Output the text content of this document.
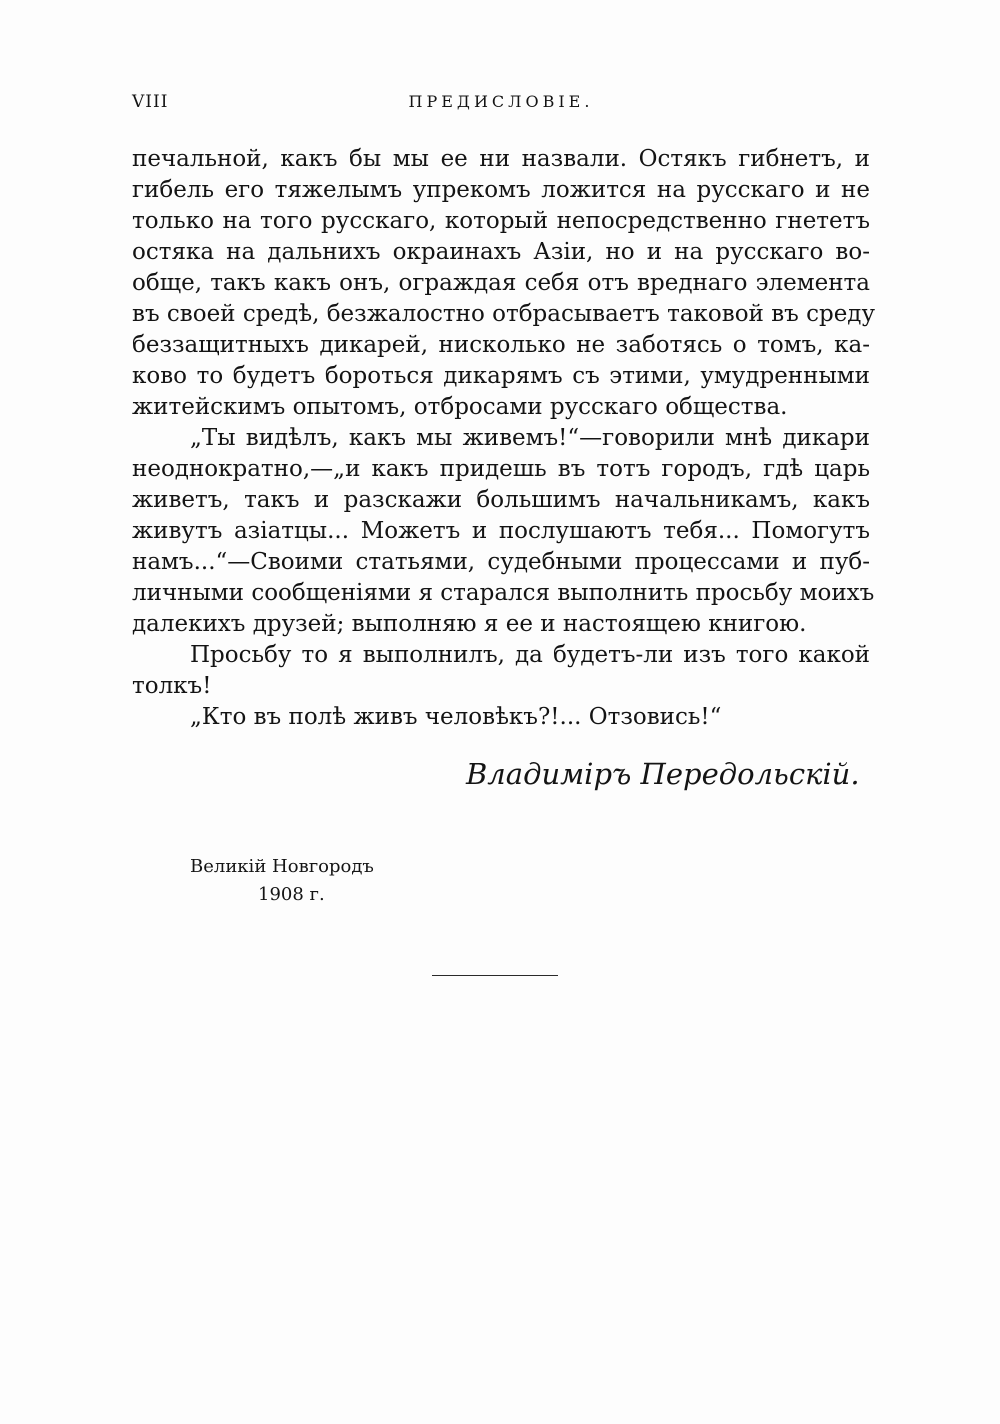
VIII	ПРЕДИСЛОВІЕ.
печальной, какъ бы мы ее ни назвали. Остякъ гибнетъ, и
гибель его тяжелымъ упрекомъ ложится на русскаго и не
только на того русскаго, который непосредственно гнететъ
остяка на дальнихъ окраинахъ Азіи, но и на русскаго во-
обще, такъ какъ онъ, ограждая себя отъ вреднаго элемента
въ своей средѣ, безжалостно отбрасываетъ таковой въ среду
беззащитныхъ дикарей, нисколько не заботясь о томъ, ка-
ково то будетъ бороться дикарямъ съ этими, умудренными
житейскимъ опытомъ, отбросами русскаго общества.
„Ты видѣлъ, какъ мы живемъ!“—говорили мнѣ дикари
неоднократно,—„и какъ придешь въ тотъ городъ, гдѣ царь
живетъ, такъ и разскажи большимъ начальникамъ, какъ
живутъ азіатцы... Можетъ и послушаютъ тебя... Помогутъ
намъ...“—Своими статьями, судебными процессами и пуб-
личными сообщеніями я старался выполнить просьбу моихъ
далекихъ друзей; выполняю я ее и настоящею книгою.
Просьбу то я выполнилъ, да будетъ-ли изъ того какой
толкъ!
„Кто въ полѣ живъ человѣкъ?!... Отзовись!“
Владиміръ Передольскій.
Великій Новгородъ
1908 г.
